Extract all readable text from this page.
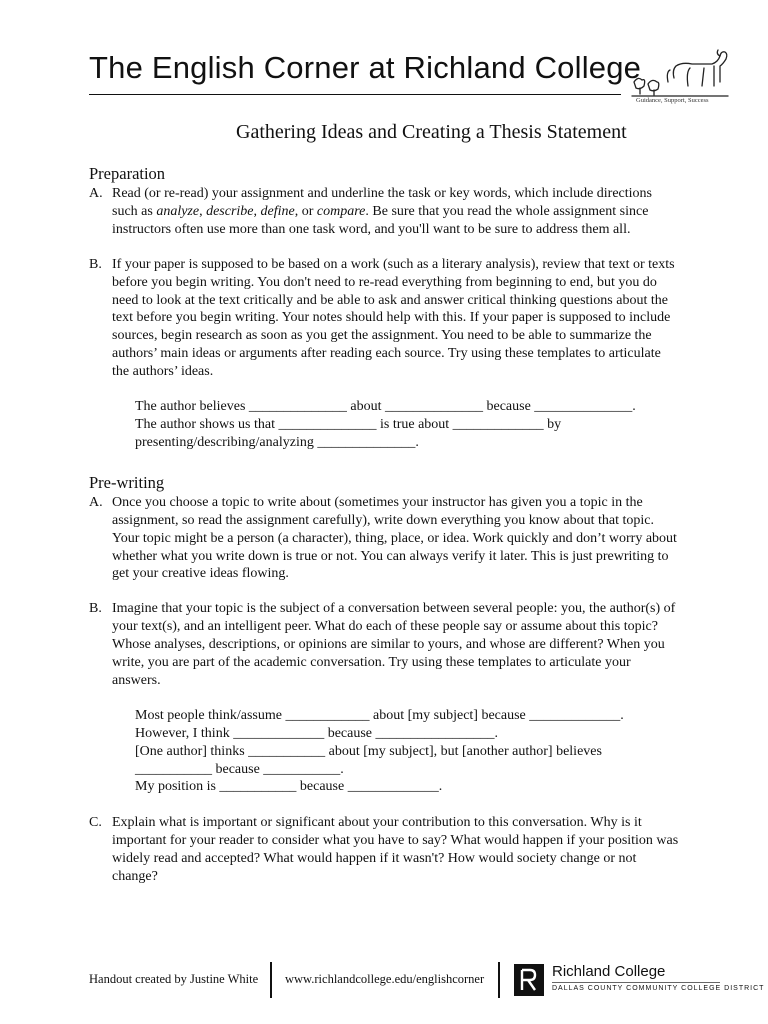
The English Corner at Richland College
Guidance, Support, Success
Gathering Ideas and Creating a Thesis Statement
Preparation
A. Read (or re-read) your assignment and underline the task or key words, which include directions such as analyze, describe, define, or compare. Be sure that you read the whole assignment since instructors often use more than one task word, and you'll want to be sure to address them all.
B. If your paper is supposed to be based on a work (such as a literary analysis), review that text or texts before you begin writing. You don't need to re-read everything from beginning to end, but you do need to look at the text critically and be able to ask and answer critical thinking questions about the text before you begin writing. Your notes should help with this. If your paper is supposed to include sources, begin research as soon as you get the assignment. You need to be able to summarize the authors’ main ideas or arguments after reading each source. Try using these templates to articulate the authors’ ideas.
The author believes ______________ about ______________ because ______________.
The author shows us that ______________ is true about _____________ by presenting/describing/analyzing ______________.
Pre-writing
A. Once you choose a topic to write about (sometimes your instructor has given you a topic in the assignment, so read the assignment carefully), write down everything you know about that topic. Your topic might be a person (a character), thing, place, or idea. Work quickly and don’t worry about whether what you write down is true or not. You can always verify it later. This is just prewriting to get your creative ideas flowing.
B. Imagine that your topic is the subject of a conversation between several people: you, the author(s) of your text(s), and an intelligent peer. What do each of these people say or assume about this topic? Whose analyses, descriptions, or opinions are similar to yours, and whose are different? When you write, you are part of the academic conversation. Try using these templates to articulate your answers.
Most people think/assume ____________ about [my subject] because _____________.
However, I think _____________ because _________________.
[One author] thinks ___________ about [my subject], but [another author] believes ___________ because ___________.
My position is ___________ because _____________.
C. Explain what is important or significant about your contribution to this conversation. Why is it important for your reader to consider what you have to say? What would happen if your position was widely read and accepted? What would happen if it wasn't? How would society change or not change?
Handout created by Justine White www.richlandcollege.edu/englishcorner	Richland College
DALLAS COUNTY COMMUNITY COLLEGE DISTRICT
